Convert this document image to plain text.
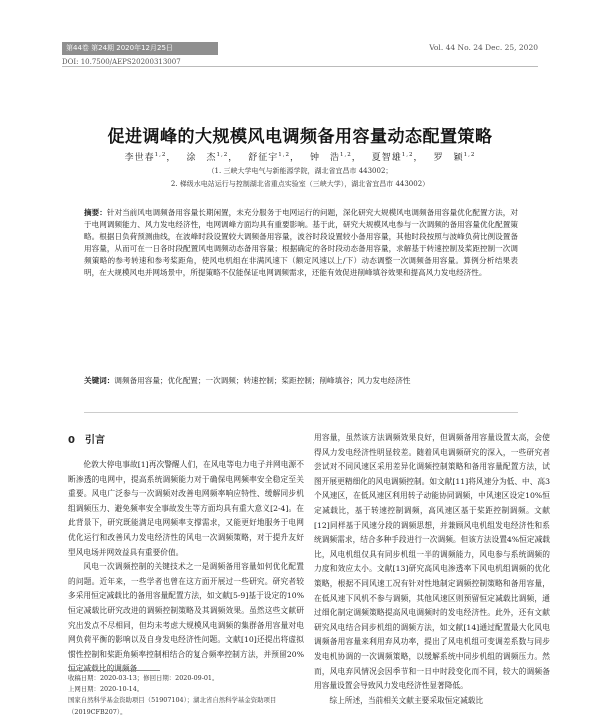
第44卷 第24期 2020年12月25日	Vol. 44 No. 24 Dec. 25, 2020
DOI: 10.7500/AEPS20200313007
促进调峰的大规模风电调频备用容量动态配置策略
李世春$^{1,2}$， 涂　杰$^{1,2}$， 舒征宇$^{1,2}$， 钟　浩$^{1,2}$， 夏智雄$^{1,2}$， 罗　颖$^{1,2}$
（1. 三峡大学电气与新能源学院，湖北省宜昌市 443002；
2. 梯级水电站运行与控制湖北省重点实验室（三峡大学），湖北省宜昌市 443002）
摘要：针对当前风电调频备用容量长期闲置，未充分服务于电网运行的问题，深化研究大规模风电调频备用容量优化配置方法，对于电网调频能力、风力发电经济性，电网调峰方面均具有重要影响。基于此，研究大规模风电参与一次调频的备用容量优化配置策略。根据日负荷预测曲线，在波峰时段设置较大调频备用容量，波谷时段设置较小备用容量，其他时段按照与波峰负荷比例设置备用容量，从而可在一日各时段配置风电调频动态备用容量；根据确定的各时段动态备用容量，求解基于转速控制及桨距控制一次调频策略的参考转速和参考桨距角，使风电机组在非满风速下（额定风速以上/下）动态调整一次调频备用容量。算例分析结果表明，在大规模风电并网场景中，所提策略不仅能保证电网调频需求，还能有效促进削峰填谷效果和提高风力发电经济性。
关键词：调频备用容量；优化配置；一次调频；转速控制；桨距控制；削峰填谷；风力发电经济性
0　引言

伦敦大停电事故[1]再次警醒人们，在风电等电力电子并网电源不断渗透的电网中，提高系统调频能力对于确保电网频率安全稳定至关重要。风电广泛参与一次调频对改善电网频率响应特性、缓解同步机组调频压力、避免频率安全事故发生等方面均具有重大意义[2-4]。在此背景下，研究既能满足电网频率支撑需求，又能更好地服务于电网优化运行和改善风力发电经济性的风电一次调频策略，对于提升友好型风电场并网效益具有重要价值。

风电一次调频控制的关键技术之一是调频备用容量如何优化配置的问题。近年来，一些学者也曾在这方面开展过一些研究。研究者较多采用恒定减载比的备用容量配置方法，如文献[5-9]基于设定的10%恒定减载比研究改进的调频控制策略及其调频效果。虽然这些文献研究出发点不尽相同，但均未考虑大规模风电调频的集群备用容量对电网负荷平衡的影响以及自身发电经济性问题。文献[10]还提出将虚拟惯性控制和桨距角频率控制相结合的复合频率控制方法，并预留20%恒定减载比的调频备

收稿日期：2020-03-13；修回日期：2020-09-01。
上网日期：2020-10-14。
国家自然科学基金资助项目（51907104）；湖北省自然科学基金资助项目（2019CFB207）。

用容量，虽然该方法调频效果良好，但调频备用容量设置太高，会使得风力发电经济性明显较差。随着风电调频研究的深入，一些研究者尝试对不同风速区采用差异化调频控制策略和备用容量配置方法，试图开展更精细化的风电调频控制。如文献[11]将风速分为低、中、高3个风速区，在低风速区利用转子动能协同调频，中风速区设定10%恒定减载比，基于转速控制调频，高风速区基于桨距控制调频。文献[12]同样基于风速分段的调频思想，并兼顾风电机组发电经济性和系统调频需求，结合多种手段进行一次调频。但该方法设置4%恒定减载比，风电机组仅具有同步机组一半的调频能力，风电参与系统调频的力度和效应太小。文献[13]研究高风电渗透率下风电机组调频的优化策略，根据不同风速工况有针对性地制定调频控制策略和备用容量，在低风速下风机不参与调频，其他风速区则预留恒定减载比调频，通过细化制定调频策略提高风电调频时的发电经济性。此外，还有文献研究风电结合同步机组的调频方法，如文献[14]通过配置最大化风电调频备用容量来利用弃风功率，提出了风电机组可变调差系数与同步发电机协调的一次调频策略，以缓解系统中同步机组的调频压力。然而，风电弃风情况会因季节和一日中时段变化而不同，较大的调频备用容量设置会导致风力发电经济性显著降低。

综上所述，当前相关文献主要采取恒定减载比
